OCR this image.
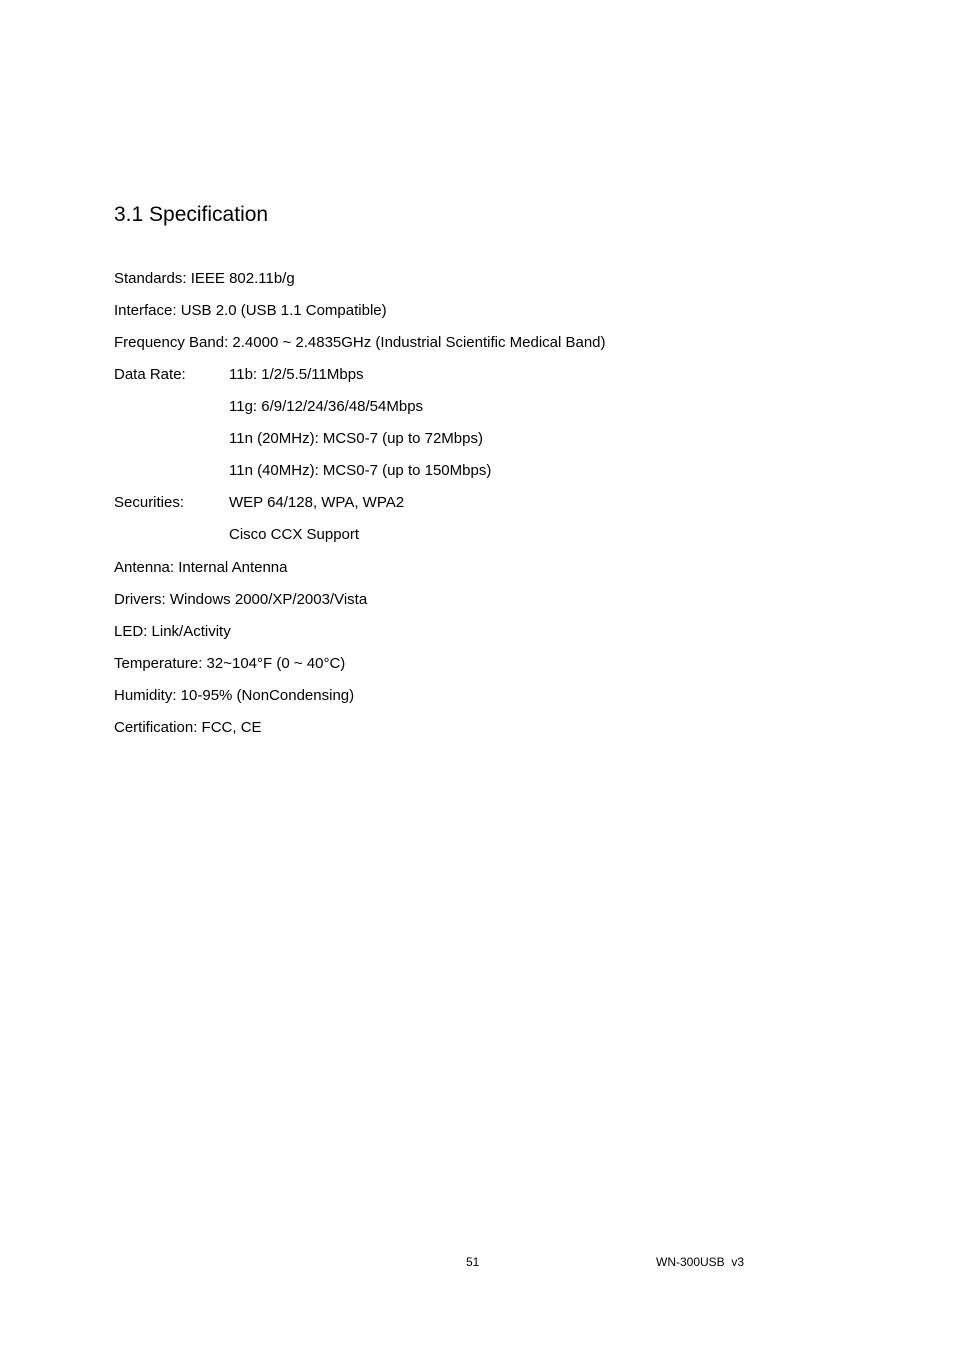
3.1 Specification
Standards: IEEE 802.11b/g
Interface: USB 2.0 (USB 1.1 Compatible)
Frequency Band: 2.4000 ~ 2.4835GHz (Industrial Scientific Medical Band)
Data Rate:	11b: 1/2/5.5/11Mbps
11g: 6/9/12/24/36/48/54Mbps
11n (20MHz): MCS0-7 (up to 72Mbps)
11n (40MHz): MCS0-7 (up to 150Mbps)
Securities:	WEP 64/128, WPA, WPA2
Cisco CCX Support
Antenna: Internal Antenna
Drivers: Windows 2000/XP/2003/Vista
LED: Link/Activity
Temperature: 32~104°F (0 ~ 40°C)
Humidity: 10-95% (NonCondensing)
Certification: FCC, CE
51	WN-300USB  v3
